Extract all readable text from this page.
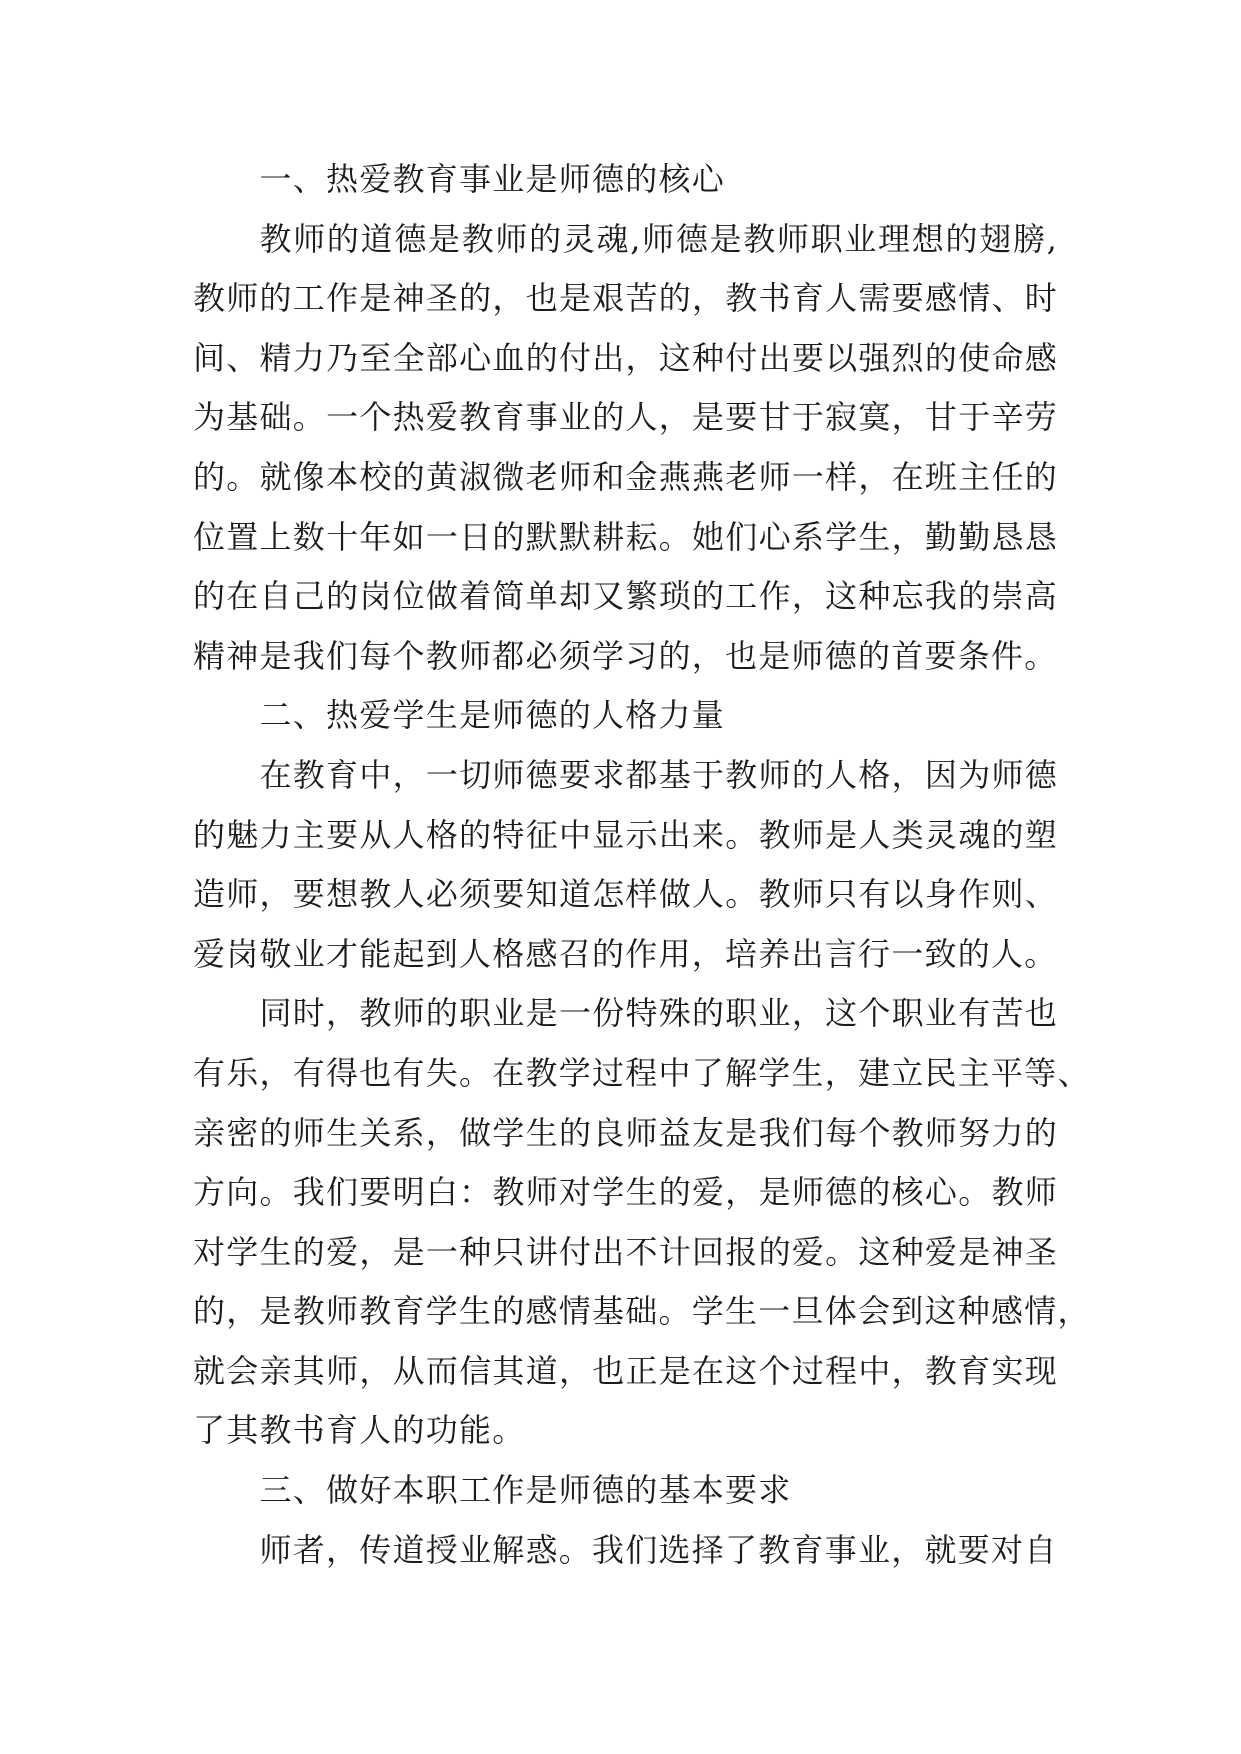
一、热爱教育事业是师德的核心
教师的道德是教师的灵魂,师德是教师职业理想的翅膀,
教师的工作是神圣的，也是艰苦的，教书育人需要感情、时
间、精力乃至全部心血的付出，这种付出要以强烈的使命感
为基础。一个热爱教育事业的人，是要甘于寂寞，甘于辛劳
的。就像本校的黄淑微老师和金燕燕老师一样，在班主任的
位置上数十年如一日的默默耕耘。她们心系学生，勤勤恳恳
的在自己的岗位做着简单却又繁琐的工作，这种忘我的崇高
精神是我们每个教师都必须学习的，也是师德的首要条件。
二、热爱学生是师德的人格力量
在教育中，一切师德要求都基于教师的人格，因为师德
的魅力主要从人格的特征中显示出来。教师是人类灵魂的塑
造师，要想教人必须要知道怎样做人。教师只有以身作则、
爱岗敬业才能起到人格感召的作用，培养出言行一致的人。
同时，教师的职业是一份特殊的职业，这个职业有苦也
有乐，有得也有失。在教学过程中了解学生，建立民主平等、
亲密的师生关系，做学生的良师益友是我们每个教师努力的
方向。我们要明白：教师对学生的爱，是师德的核心。教师
对学生的爱，是一种只讲付出不计回报的爱。这种爱是神圣
的，是教师教育学生的感情基础。学生一旦体会到这种感情，
就会亲其师，从而信其道，也正是在这个过程中，教育实现
了其教书育人的功能。
三、做好本职工作是师德的基本要求
师者，传道授业解惑。我们选择了教育事业，就要对自
